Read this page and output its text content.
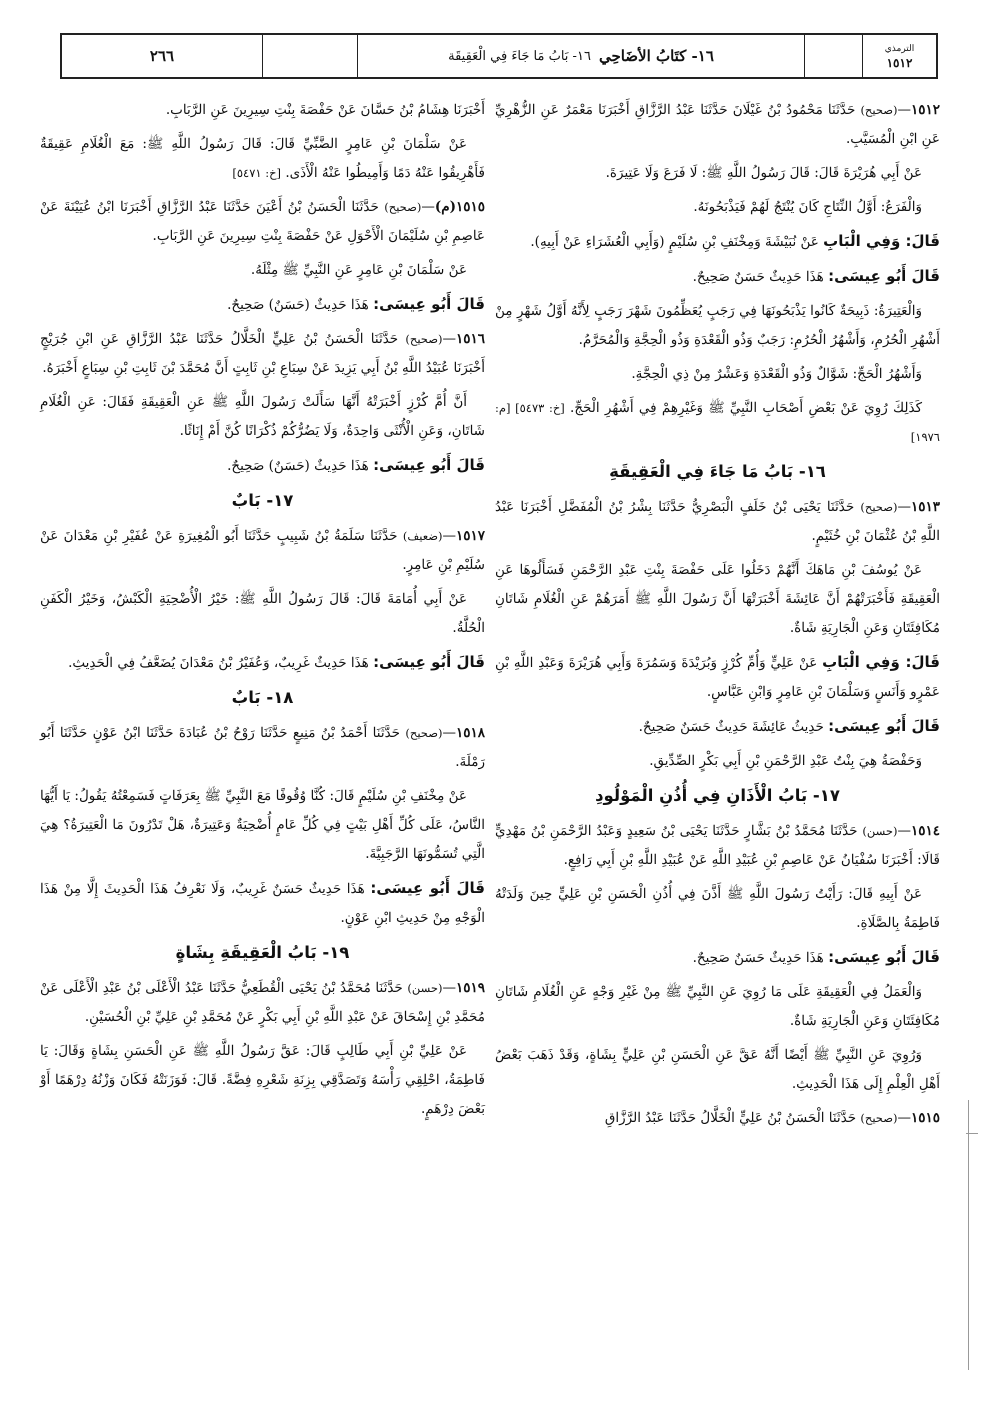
الترمذي
١٥١٢
١٦- كتَابُ الأضَاحِي
١٦- بَابُ مَا جَاءَ فِي الْعَقِيقَة
٢٦٦

١٥١٢—(صحيح) حَدَّثَنَا مَحْمُودُ بْنُ غَيْلَانَ حَدَّثَنَا عَبْدُ الرَّزَّاقِ أَخْبَرَنَا مَعْمَرٌ عَنِ الزُّهْرِيِّ عَنِ ابْنِ الْمُسَيَّبِ.

عَنْ أَبِي هُرَيْرَةَ قَالَ: قَالَ رَسُولُ اللَّهِ ﷺ: لَا فَرَعَ وَلَا عَتِيرَةَ.

وَالْفَرَعُ: أَوَّلُ النِّتَاجِ كَانَ يُنْتَجُ لَهُمْ فَيَذْبَحُونَهُ.

قَالَ: وَفِي الْبَابِ عَنْ نُبَيْشَةَ وَمِخْنَفِ بْنِ سُلَيْمٍ (وَأَبِي الْعُشَرَاءِ عَنْ أَبِيهِ).

قَالَ أَبُو عِيسَى: هَذَا حَدِيثٌ حَسَنٌ صَحِيحٌ.

وَالْعَتِيرَةُ: ذَبِيحَةٌ كَانُوا يَذْبَحُونَهَا فِي رَجَبٍ يُعَظِّمُونَ شَهْرَ رَجَبٍ لِأَنَّهُ أَوَّلُ شَهْرٍ مِنْ أَشْهُرِ الْحُرُمِ، وَأَشْهُرُ الْحُرُمِ: رَجَبٌ وَذُو الْقَعْدَةِ وَذُو الْحِجَّةِ وَالْمُحَرَّمُ.

وَأَشْهُرُ الْحَجِّ: شَوَّالٌ وَذُو الْقَعْدَةِ وَعَشْرٌ مِنْ ذِي الْحِجَّةِ.

كَذَلِكَ رُوِيَ عَنْ بَعْضِ أَصْحَابِ النَّبِيِّ ﷺ وَغَيْرِهِمْ فِي أَشْهُرِ الْحَجِّ. [خ: ٥٤٧٣] [م: ١٩٧٦]

١٦- بَابُ مَا جَاءَ فِي الْعَقِيقَةِ

١٥١٣—(صحيح) حَدَّثَنَا يَحْيَى بْنُ خَلَفٍ الْبَصْرِيُّ حَدَّثَنَا بِشْرُ بْنُ الْمُفَضَّلِ أَخْبَرَنَا عَبْدُ اللَّهِ بْنُ عُثْمَانَ بْنِ خُثَيْمٍ.

عَنْ يُوسُفَ بْنِ مَاهَكَ أَنَّهُمْ دَخَلُوا عَلَى حَفْصَةَ بِنْتِ عَبْدِ الرَّحْمَنِ فَسَأَلُوهَا عَنِ الْعَقِيقَةِ فَأَخْبَرَتْهُمْ أَنَّ عَائِشَةَ أَخْبَرَتْهَا أَنَّ رَسُولَ اللَّهِ ﷺ أَمَرَهُمْ عَنِ الْغُلَامِ شَاتَانِ مُكَافِئَتَانِ وَعَنِ الْجَارِيَةِ شَاةٌ.

قَالَ: وَفِي الْبَابِ عَنْ عَلِيٍّ وَأُمِّ كُرْزٍ وَبُرَيْدَةَ وَسَمُرَةَ وَأَبِي هُرَيْرَةَ وَعَبْدِ اللَّهِ بْنِ عَمْرٍو وَأَنَسٍ وَسَلْمَانَ بْنِ عَامِرٍ وَابْنِ عَبَّاسٍ.

قَالَ أَبُو عِيسَى: حَدِيثُ عَائِشَةَ حَدِيثٌ حَسَنٌ صَحِيحٌ.

وَحَفْصَةُ هِيَ بِنْتُ عَبْدِ الرَّحْمَنِ بْنِ أَبِي بَكْرٍ الصِّدِّيقِ.

١٧- بَابُ الْأَذَانِ فِي أُذُنِ الْمَوْلُودِ

١٥١٤—(حسن) حَدَّثَنَا مُحَمَّدُ بْنُ بَشَّارٍ حَدَّثَنَا يَحْيَى بْنُ سَعِيدٍ وَعَبْدُ الرَّحْمَنِ بْنُ مَهْدِيٍّ قَالَا: أَخْبَرَنَا سُفْيَانُ عَنْ عَاصِمِ بْنِ عُبَيْدِ اللَّهِ عَنْ عُبَيْدِ اللَّهِ بْنِ أَبِي رَافِعٍ.

عَنْ أَبِيهِ قَالَ: رَأَيْتُ رَسُولَ اللَّهِ ﷺ أَذَّنَ فِي أُذُنِ الْحَسَنِ بْنِ عَلِيٍّ حِينَ وَلَدَتْهُ فَاطِمَةُ بِالصَّلَاةِ.

قَالَ أَبُو عِيسَى: هَذَا حَدِيثٌ حَسَنٌ صَحِيحٌ.

وَالْعَمَلُ فِي الْعَقِيقَةِ عَلَى مَا رُوِيَ عَنِ النَّبِيِّ ﷺ مِنْ غَيْرِ وَجْهٍ عَنِ الْغُلَامِ شَاتَانِ مُكَافِئَتَانِ وَعَنِ الْجَارِيَةِ شَاةٌ.

وَرُوِيَ عَنِ النَّبِيِّ ﷺ أَيْضًا أَنَّهُ عَقَّ عَنِ الْحَسَنِ بْنِ عَلِيٍّ بِشَاةٍ، وَقَدْ ذَهَبَ بَعْضُ أَهْلِ الْعِلْمِ إِلَى هَذَا الْحَدِيثِ.

١٥١٥—(صحيح) حَدَّثَنَا الْحَسَنُ بْنُ عَلِيٍّ الْخَلَّالُ حَدَّثَنَا عَبْدُ الرَّزَّاقِ

أَخْبَرَنَا هِشَامُ بْنُ حَسَّانَ عَنْ حَفْصَةَ بِنْتِ سِيرِينَ عَنِ الرَّبَابِ.

عَنْ سَلْمَانَ بْنِ عَامِرٍ الضَّبِّيِّ قَالَ: قَالَ رَسُولُ اللَّهِ ﷺ: مَعَ الْغُلَامِ عَقِيقَةٌ فَأَهْرِيقُوا عَنْهُ دَمًا وَأَمِيطُوا عَنْهُ الْأَذَى. [خ: ٥٤٧١]

١٥١٥(م)—(صحيح) حَدَّثَنَا الْحَسَنُ بْنُ أَعْيَنَ حَدَّثَنَا عَبْدُ الرَّزَّاقِ أَخْبَرَنَا ابْنُ عُيَيْنَةَ عَنْ عَاصِمِ بْنِ سُلَيْمَانَ الْأَحْوَلِ عَنْ حَفْصَةَ بِنْتِ سِيرِينَ عَنِ الرَّبَابِ.

عَنْ سَلْمَانَ بْنِ عَامِرٍ عَنِ النَّبِيِّ ﷺ مِثْلَهُ.

قَالَ أَبُو عِيسَى: هَذَا حَدِيثٌ (حَسَنٌ) صَحِيحٌ.

١٥١٦—(صحيح) حَدَّثَنَا الْحَسَنُ بْنُ عَلِيٍّ الْخَلَّالُ حَدَّثَنَا عَبْدُ الرَّزَّاقِ عَنِ ابْنِ جُرَيْجٍ أَخْبَرَنَا عُبَيْدُ اللَّهِ بْنُ أَبِي يَزِيدَ عَنْ سِبَاعِ بْنِ ثَابِتٍ أَنَّ مُحَمَّدَ بْنَ ثَابِتِ بْنِ سِبَاعٍ أَخْبَرَهُ.

أَنَّ أُمَّ كُرْزٍ أَخْبَرَتْهُ أَنَّهَا سَأَلَتْ رَسُولَ اللَّهِ ﷺ عَنِ الْعَقِيقَةِ فَقَالَ: عَنِ الْغُلَامِ شَاتَانِ، وَعَنِ الْأُنْثَى وَاحِدَةٌ، وَلَا يَضُرُّكُمْ ذُكْرَانًا كُنَّ أَمْ إِنَاثًا.

قَالَ أَبُو عِيسَى: هَذَا حَدِيثٌ (حَسَنٌ) صَحِيحٌ.

١٧- بَابٌ

١٥١٧—(ضعيف) حَدَّثَنَا سَلَمَةُ بْنُ شَبِيبٍ حَدَّثَنَا أَبُو الْمُغِيرَةِ عَنْ عُفَيْرِ بْنِ مَعْدَانَ عَنْ سُلَيْمِ بْنِ عَامِرٍ.

عَنْ أَبِي أُمَامَةَ قَالَ: قَالَ رَسُولُ اللَّهِ ﷺ: خَيْرُ الْأُضْحِيَةِ الْكَبْشُ، وَخَيْرُ الْكَفَنِ الْحُلَّةُ.

قَالَ أَبُو عِيسَى: هَذَا حَدِيثٌ غَرِيبٌ، وَعُفَيْرُ بْنُ مَعْدَانَ يُضَعَّفُ فِي الْحَدِيثِ.

١٨- بَابٌ

١٥١٨—(صحيح) حَدَّثَنَا أَحْمَدُ بْنُ مَنِيعٍ حَدَّثَنَا رَوْحُ بْنُ عُبَادَةَ حَدَّثَنَا ابْنُ عَوْنٍ حَدَّثَنَا أَبُو رَمْلَةَ.

عَنْ مِخْنَفِ بْنِ سُلَيْمٍ قَالَ: كُنَّا وُقُوفًا مَعَ النَّبِيِّ ﷺ بِعَرَفَاتٍ فَسَمِعْتُهُ يَقُولُ: يَا أَيُّهَا النَّاسُ، عَلَى كُلِّ أَهْلِ بَيْتٍ فِي كُلِّ عَامٍ أُضْحِيَةٌ وَعَتِيرَةٌ، هَلْ تَدْرُونَ مَا الْعَتِيرَةُ؟ هِيَ الَّتِي تُسَمُّونَهَا الرَّجَبِيَّةَ.

قَالَ أَبُو عِيسَى: هَذَا حَدِيثٌ حَسَنٌ غَرِيبٌ، وَلَا نَعْرِفُ هَذَا الْحَدِيثَ إِلَّا مِنْ هَذَا الْوَجْهِ مِنْ حَدِيثِ ابْنِ عَوْنٍ.

١٩- بَابُ الْعَقِيقَةِ بِشَاةٍ

١٥١٩—(حسن) حَدَّثَنَا مُحَمَّدُ بْنُ يَحْيَى الْقُطَعِيُّ حَدَّثَنَا عَبْدُ الْأَعْلَى بْنُ عَبْدِ الْأَعْلَى عَنْ مُحَمَّدِ بْنِ إِسْحَاقَ عَنْ عَبْدِ اللَّهِ بْنِ أَبِي بَكْرٍ عَنْ مُحَمَّدِ بْنِ عَلِيِّ بْنِ الْحُسَيْنِ.

عَنْ عَلِيِّ بْنِ أَبِي طَالِبٍ قَالَ: عَقَّ رَسُولُ اللَّهِ ﷺ عَنِ الْحَسَنِ بِشَاةٍ وَقَالَ: يَا فَاطِمَةُ، احْلِقِي رَأْسَهُ وَتَصَدَّقِي بِزِنَةِ شَعْرِهِ فِضَّةً. قَالَ: فَوَزَنَتْهُ فَكَانَ وَزْنُهُ دِرْهَمًا أَوْ بَعْضَ دِرْهَمٍ.
